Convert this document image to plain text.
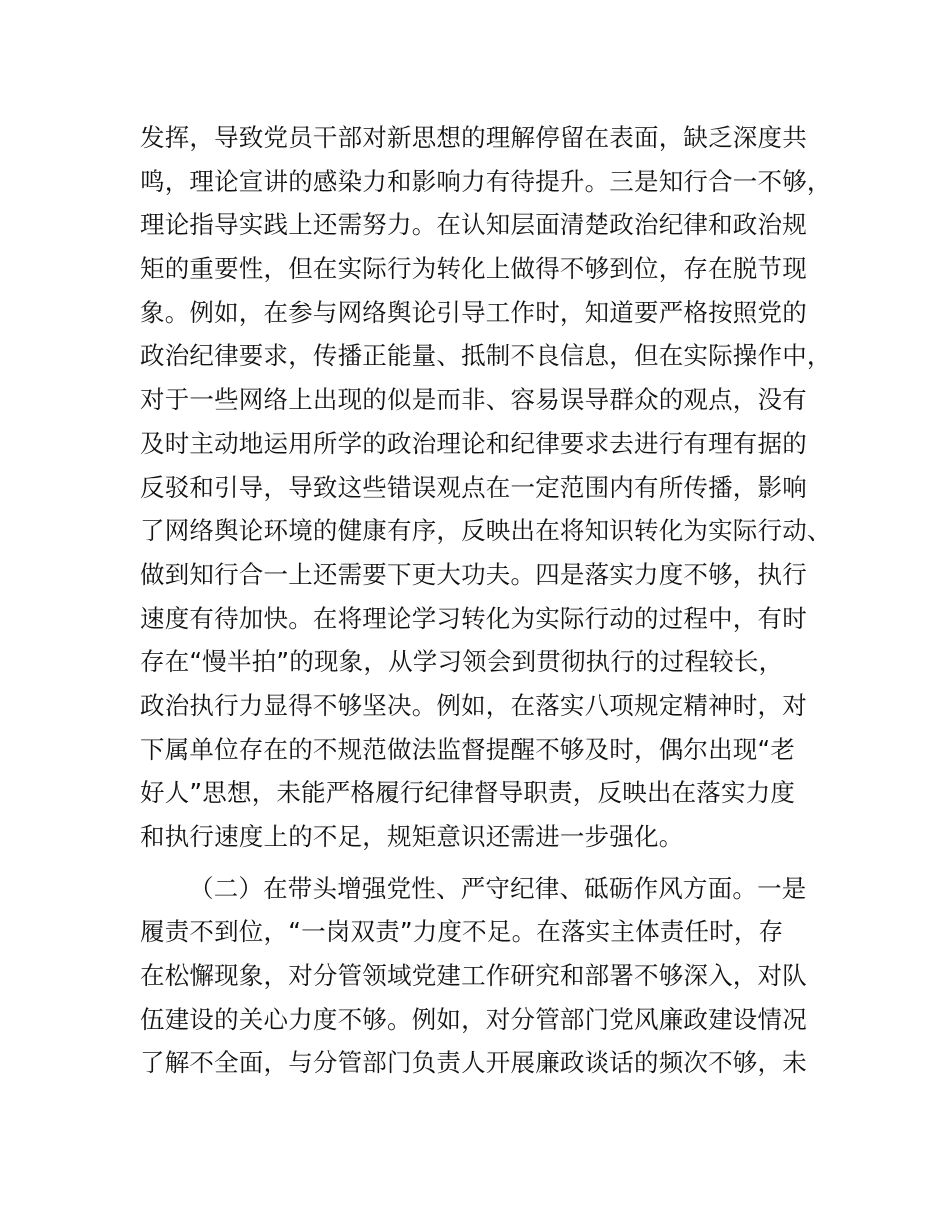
发挥，导致党员干部对新思想的理解停留在表面，缺乏深度共
鸣，理论宣讲的感染力和影响力有待提升。三是知行合一不够，
理论指导实践上还需努力。在认知层面清楚政治纪律和政治规
矩的重要性，但在实际行为转化上做得不够到位，存在脱节现
象。例如，在参与网络舆论引导工作时，知道要严格按照党的
政治纪律要求，传播正能量、抵制不良信息，但在实际操作中，
对于一些网络上出现的似是而非、容易误导群众的观点，没有
及时主动地运用所学的政治理论和纪律要求去进行有理有据的
反驳和引导，导致这些错误观点在一定范围内有所传播，影响
了网络舆论环境的健康有序，反映出在将知识转化为实际行动、
做到知行合一上还需要下更大功夫。四是落实力度不够，执行
速度有待加快。在将理论学习转化为实际行动的过程中，有时
存在“慢半拍”的现象，从学习领会到贯彻执行的过程较长，
政治执行力显得不够坚决。例如，在落实八项规定精神时，对
下属单位存在的不规范做法监督提醒不够及时，偶尔出现“老
好人”思想，未能严格履行纪律督导职责，反映出在落实力度
和执行速度上的不足，规矩意识还需进一步强化。
（二）在带头增强党性、严守纪律、砥砺作风方面。一是
履责不到位，“一岗双责”力度不足。在落实主体责任时，存
在松懈现象，对分管领域党建工作研究和部署不够深入，对队
伍建设的关心力度不够。例如，对分管部门党风廉政建设情况
了解不全面，与分管部门负责人开展廉政谈话的频次不够，未
